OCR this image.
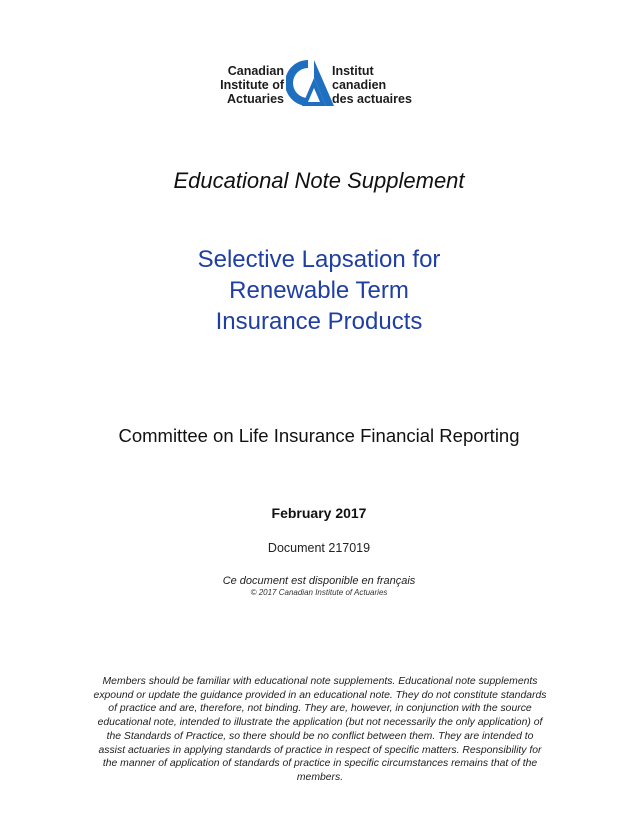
Canadian
Institute of
Actuaries
Institut
canadien
des actuaires
Educational Note Supplement
Selective Lapsation for
Renewable Term
Insurance Products
Committee on Life Insurance Financial Reporting
February 2017
Document 217019
Ce document est disponible en français
© 2017 Canadian Institute of Actuaries
Members should be familiar with educational note supplements. Educational note supplements expound or update the guidance provided in an educational note. They do not constitute standards of practice and are, therefore, not binding. They are, however, in conjunction with the source educational note, intended to illustrate the application (but not necessarily the only application) of the Standards of Practice, so there should be no conflict between them. They are intended to assist actuaries in applying standards of practice in respect of specific matters. Responsibility for the manner of application of standards of practice in specific circumstances remains that of the members.
